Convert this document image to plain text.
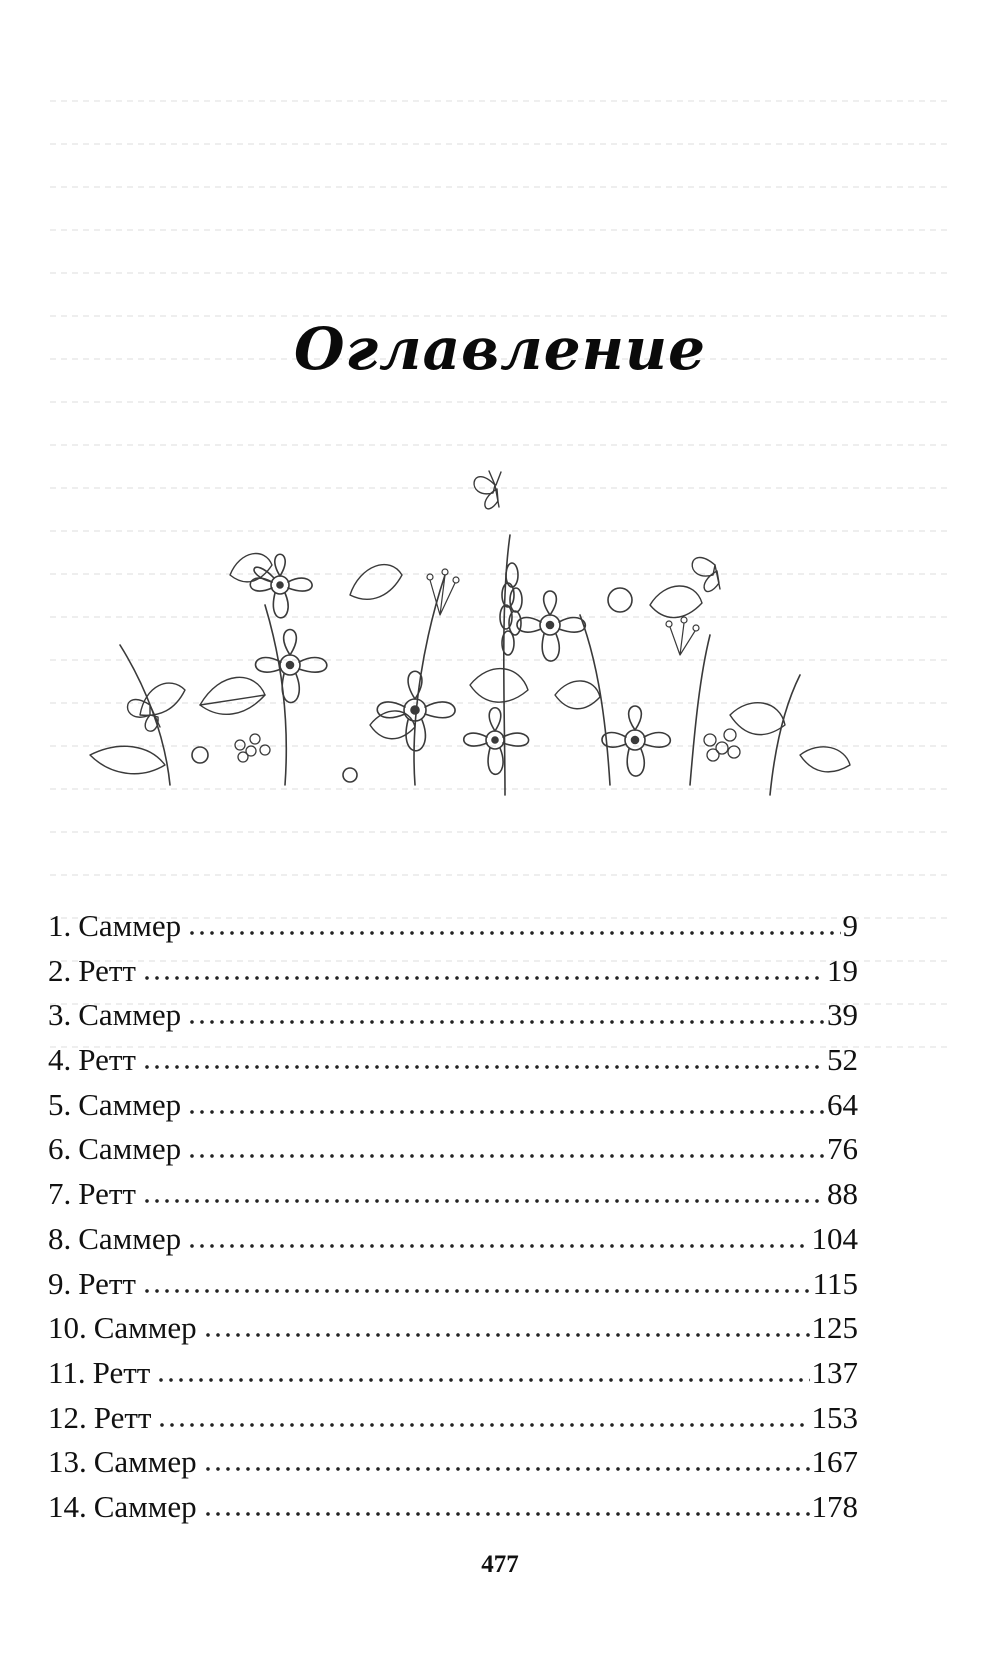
Оглавление
1. Саммер	9
2. Ретт	19
3. Саммер	39
4. Ретт	52
5. Саммер	64
6. Саммер	76
7. Ретт	88
8. Саммер	104
9. Ретт	115
10. Саммер	125
11. Ретт	137
12. Ретт	153
13. Саммер	167
14. Саммер	178
477
